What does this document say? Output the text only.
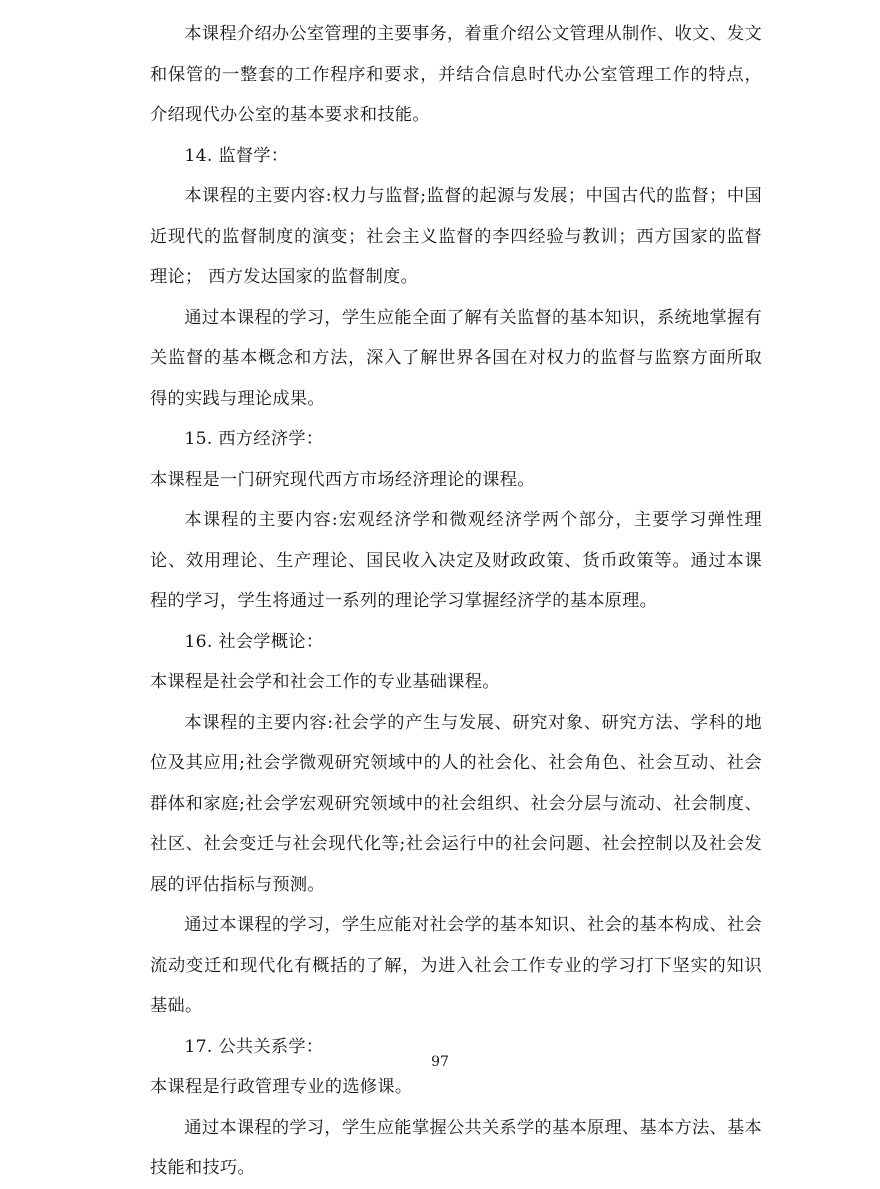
本课程介绍办公室管理的主要事务，着重介绍公文管理从制作、收文、发文和保管的一整套的工作程序和要求，并结合信息时代办公室管理工作的特点，介绍现代办公室的基本要求和技能。

14. 监督学：

本课程的主要内容:权力与监督;监督的起源与发展；中国古代的监督；中国近现代的监督制度的演变；社会主义监督的李四经验与教训；西方国家的监督理论； 西方发达国家的监督制度。

通过本课程的学习，学生应能全面了解有关监督的基本知识，系统地掌握有关监督的基本概念和方法，深入了解世界各国在对权力的监督与监察方面所取得的实践与理论成果。

15. 西方经济学：

本课程是一门研究现代西方市场经济理论的课程。

本课程的主要内容:宏观经济学和微观经济学两个部分，主要学习弹性理论、效用理论、生产理论、国民收入决定及财政政策、货币政策等。通过本课程的学习，学生将通过一系列的理论学习掌握经济学的基本原理。

16. 社会学概论：

本课程是社会学和社会工作的专业基础课程。

本课程的主要内容:社会学的产生与发展、研究对象、研究方法、学科的地位及其应用;社会学微观研究领域中的人的社会化、社会角色、社会互动、社会群体和家庭;社会学宏观研究领域中的社会组织、社会分层与流动、社会制度、社区、社会变迁与社会现代化等;社会运行中的社会问题、社会控制以及社会发展的评估指标与预测。

通过本课程的学习，学生应能对社会学的基本知识、社会的基本构成、社会流动变迁和现代化有概括的了解，为进入社会工作专业的学习打下坚实的知识基础。

17. 公共关系学：

本课程是行政管理专业的选修课。

通过本课程的学习，学生应能掌握公共关系学的基本原理、基本方法、基本技能和技巧。

97
